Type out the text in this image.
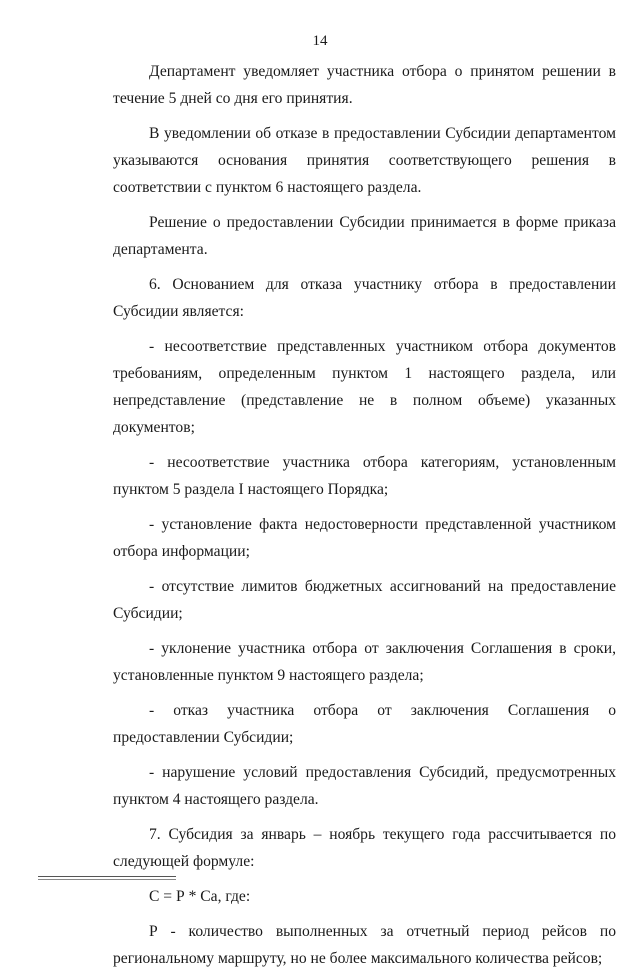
14

Департамент уведомляет участника отбора о принятом решении в течение 5 дней со дня его принятия.

В уведомлении об отказе в предоставлении Субсидии департаментом указываются основания принятия соответствующего решения в соответствии с пунктом 6 настоящего раздела.

Решение о предоставлении Субсидии принимается в форме приказа департамента.

6. Основанием для отказа участнику отбора в предоставлении Субсидии является:

- несоответствие представленных участником отбора документов требованиям, определенным пунктом 1 настоящего раздела, или непредставление (представление не в полном объеме) указанных документов;

- несоответствие участника отбора категориям, установленным пунктом 5 раздела I настоящего Порядка;

- установление факта недостоверности представленной участником отбора информации;

- отсутствие лимитов бюджетных ассигнований на предоставление Субсидии;

- уклонение участника отбора от заключения Соглашения в сроки, установленные пунктом 9 настоящего раздела;

- отказ участника отбора от заключения Соглашения о предоставлении Субсидии;

- нарушение условий предоставления Субсидий, предусмотренных пунктом 4 настоящего раздела.

7. Субсидия за январь – ноябрь текущего года рассчитывается по следующей формуле:

С = Р * Са, где:

Р - количество выполненных за отчетный период рейсов по региональному маршруту, но не более максимального количества рейсов;
